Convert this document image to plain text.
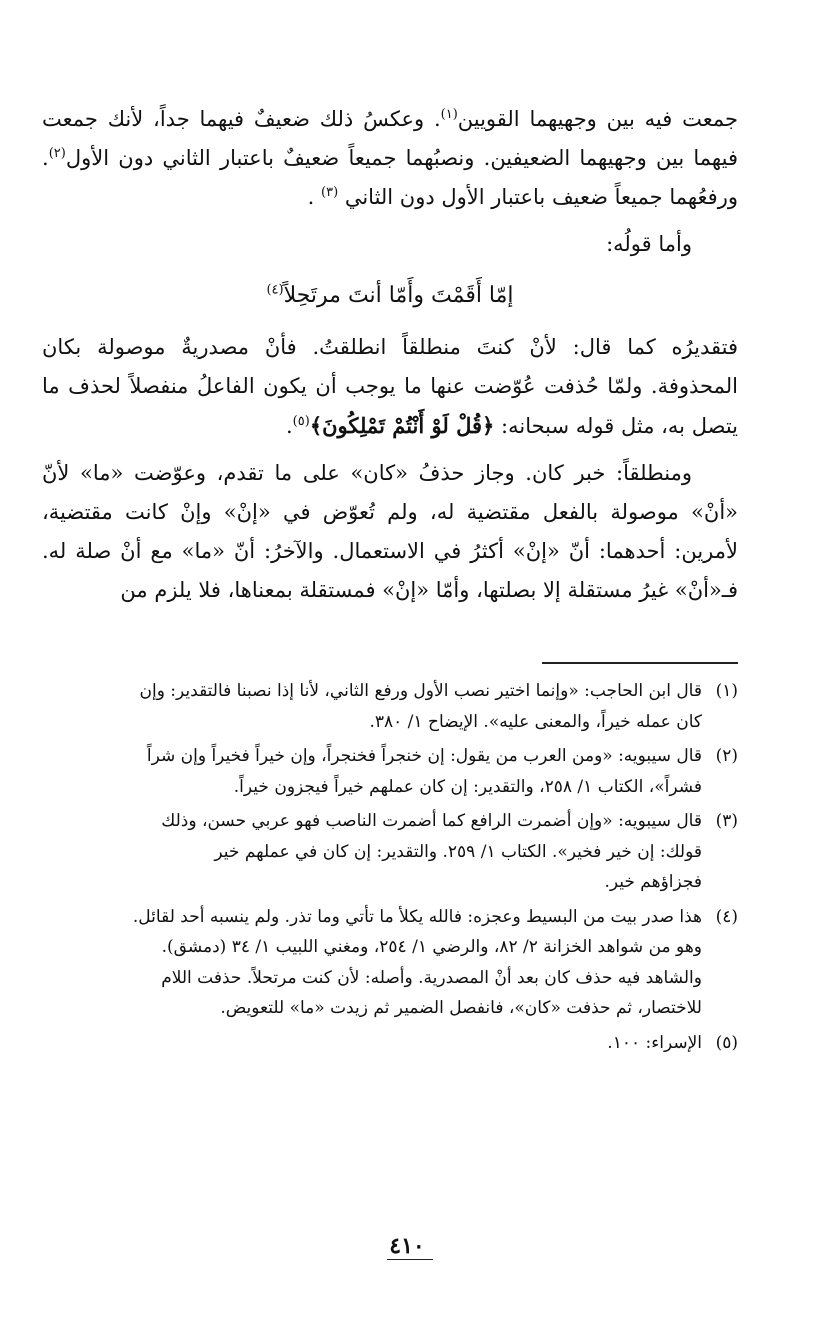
جمعت فيه بين وجهيهما القويين$^{(١)}$. وعكسُ ذلك ضعيفٌ فيهما جداً، لأنك جمعت فيهما بين وجهيهما الضعيفين. ونصبُهما جميعاً ضعيفٌ باعتبار الثاني دون الأول$^{(٢)}$. ورفعُهما جميعاً ضعيف باعتبار الأول دون الثاني $^{(٣)}$ .

وأما قولُه:

إمّا أَقَمْتَ وأَمّا أنتَ مرتَحِلاً$^{(٤)}$

فتقديرُه كما قال: لأنْ كنتَ منطلقاً انطلقتُ. فأنْ مصدريةٌ موصولة بكان المحذوفة. ولمّا حُذفت عُوّضت عنها ما يوجب أن يكون الفاعلُ منفصلاً لحذف ما يتصل به، مثل قوله سبحانه: ﴿قُلْ لَوْ أَنْتُمْ تَمْلِكُونَ﴾$^{(٥)}$.

ومنطلقاً: خبر كان. وجاز حذفُ «كان» على ما تقدم، وعوّضت «ما» لأنّ «أنْ» موصولة بالفعل مقتضية له، ولم تُعوّض في «إنْ» وإنْ كانت مقتضية، لأمرين: أحدهما: أنّ «إنْ» أكثرُ في الاستعمال. والآخرُ: أنّ «ما» مع أنْ صلة له. فـ«أنْ» غيرُ مستقلة إلا بصلتها، وأمّا «إنْ» فمستقلة بمعناها، فلا يلزم من

(١)
قال ابن الحاجب: «وإنما اختير نصب الأول ورفع الثاني، لأنا إذا نصبنا فالتقدير: وإن
كان عمله خيراً، والمعنى عليه». الإيضاح ١/ ٣٨٠.
(٢)
قال سيبويه: «ومن العرب من يقول: إن خنجراً فخنجراً، وإن خيراً فخيراً وإن شراً
فشراً»، الكتاب ١/ ٢٥٨، والتقدير: إن كان عملهم خيراً فيجزون خيراً.
(٣)
قال سيبويه: «وإن أضمرت الرافع كما أضمرت الناصب فهو عربي حسن، وذلك
قولك: إن خير فخير». الكتاب ١/ ٢٥٩. والتقدير: إن كان في عملهم خير
فجزاؤهم خير.
(٤)
هذا صدر بيت من البسيط وعجزه: فالله يكلأ ما تأتي وما تذر. ولم ينسبه أحد لقائل.
وهو من شواهد الخزانة ٢/ ٨٢، والرضي ١/ ٢٥٤، ومغني اللبيب ١/ ٣٤ (دمشق).
والشاهد فيه حذف كان بعد أنْ المصدرية. وأصله: لأن كنت مرتحلاً. حذفت اللام
للاختصار، ثم حذفت «كان»، فانفصل الضمير ثم زيدت «ما» للتعويض.
(٥)
الإسراء: ١٠٠.
٤١٠
